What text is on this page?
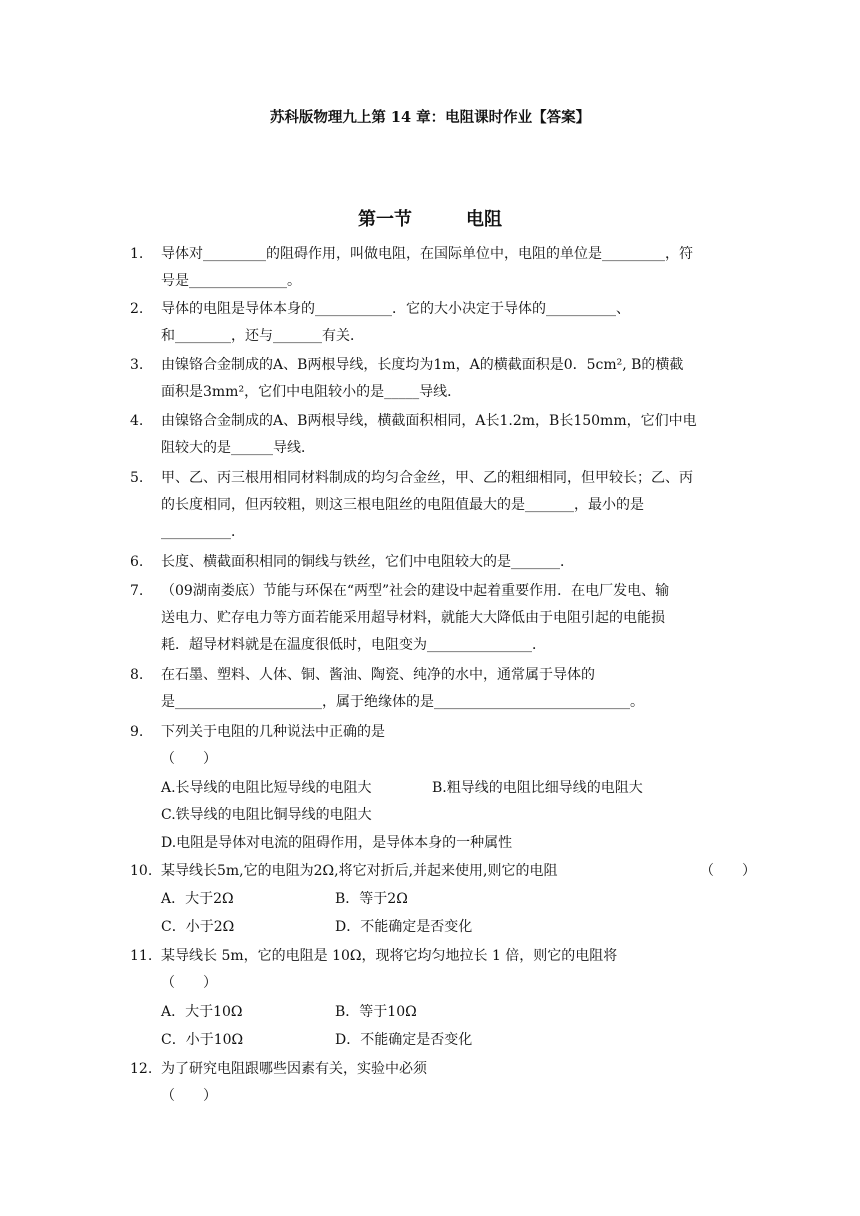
苏科版物理九上第 14 章：电阻课时作业【答案】
第一节	电阻
1. 导体对_________的阻碍作用，叫做电阻，在国际单位中，电阻的单位是_________，符
号是______________。
2. 导体的电阻是导体本身的___________．它的大小决定于导体的__________、
和________，还与_______有关．
3. 由镍铬合金制成的A、B两根导线，长度均为1m，A的横截面积是0．5cm², B的横截
面积是3mm²，它们中电阻较小的是_____导线．
4. 由镍铬合金制成的A、B两根导线，横截面积相同，A长1.2m，B长150mm，它们中电
阻较大的是______导线．
5. 甲、乙、丙三根用相同材料制成的均匀合金丝，甲、乙的粗细相同，但甲较长；乙、丙
的长度相同，但丙较粗，则这三根电阻丝的电阻值最大的是_______，最小的是
__________．
6. 长度、横截面积相同的铜线与铁丝，它们中电阻较大的是_______．
7. （09湖南娄底）节能与环保在“两型”社会的建设中起着重要作用．在电厂发电、输
送电力、贮存电力等方面若能采用超导材料，就能大大降低由于电阻引起的电能损
耗．超导材料就是在温度很低时，电阻变为_______________．
8. 在石墨、塑料、人体、铜、酱油、陶瓷、纯净的水中，通常属于导体的
是_____________________，属于绝缘体的是____________________________。
9. 下列关于电阻的几种说法中正确的是
（　　）
A.长导线的电阻比短导线的电阻大	B.粗导线的电阻比细导线的电阻大
C.铁导线的电阻比铜导线的电阻大
D.电阻是导体对电流的阻碍作用，是导体本身的一种属性
10. 某导线长5m,它的电阻为2Ω,将它对折后,并起来使用,则它的电阻	（　　）
A．大于2Ω	B．等于2Ω
C．小于2Ω	D．不能确定是否变化
11. 某导线长 5m，它的电阻是 10Ω，现将它均匀地拉长 1 倍，则它的电阻将
（　　）
A．大于10Ω	B．等于10Ω
C．小于10Ω	D．不能确定是否变化
12. 为了研究电阻跟哪些因素有关，实验中必须
（　　）
